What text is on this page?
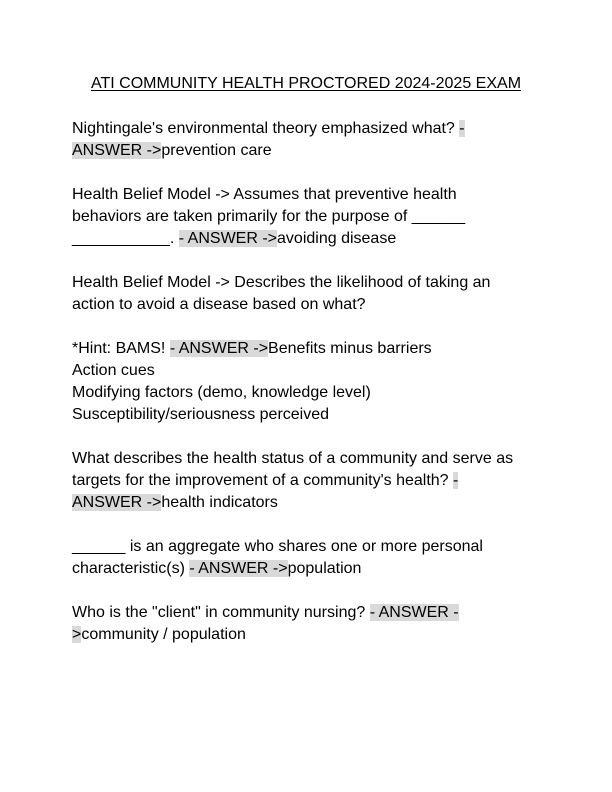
ATI COMMUNITY HEALTH PROCTORED 2024-2025 EXAM
Nightingale's environmental theory emphasized what? -
ANSWER ->prevention care
Health Belief Model -> Assumes that preventive health
behaviors are taken primarily for the purpose of ______
___________. - ANSWER ->avoiding disease
Health Belief Model -> Describes the likelihood of taking an
action to avoid a disease based on what?
*Hint: BAMS! - ANSWER ->Benefits minus barriers
Action cues
Modifying factors (demo, knowledge level)
Susceptibility/seriousness perceived
What describes the health status of a community and serve as
targets for the improvement of a community's health? -
ANSWER ->health indicators
______ is an aggregate who shares one or more personal
characteristic(s) - ANSWER ->population
Who is the "client" in community nursing? - ANSWER -
>community / population
